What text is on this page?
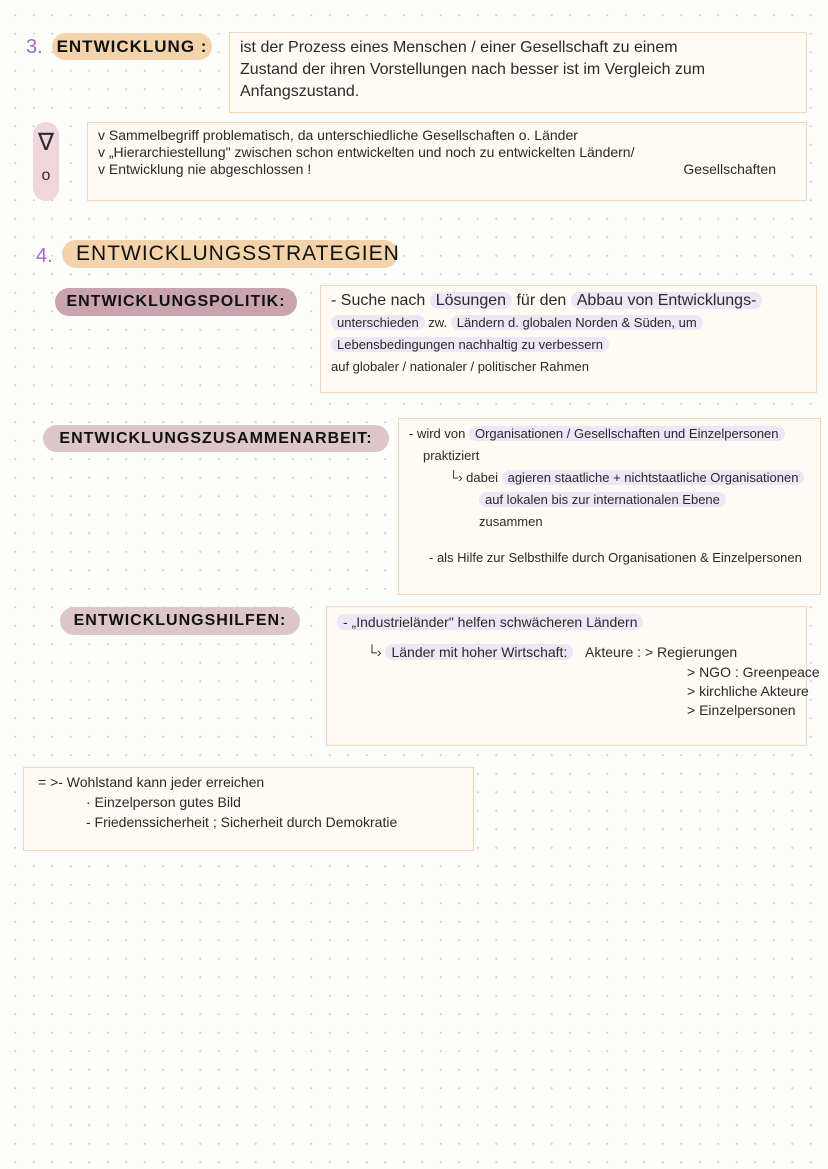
3. ENTWICKLUNG : ist der Prozess eines Menschen / einer Gesellschaft zu einem
Zustand der ihren Vorstellungen nach besser ist im Vergleich zum
Anfangszustand.
∇
o
v Sammelbegriff problematisch, da unterschiedliche Gesellschaften o. Länder
v „Hierarchiestellung" zwischen schon entwickelten und noch zu entwickelten Ländern/
v Entwicklung nie abgeschlossen !	Gesellschaften
4.	ENTWICKLUNGSSTRATEGIEN
ENTWICKLUNGSPOLITIK:	- Suche nach Lösungen für den Abbau von Entwicklungs-
unterschieden zw. Ländern d. globalen Norden & Süden, um
Lebensbedingungen nachhaltig zu verbessern
auf globaler / nationaler / politischer Rahmen
ENTWICKLUNGSZUSAMMENARBEIT:	- wird von Organisationen / Gesellschaften und Einzelpersonen
praktiziert
└› dabei agieren staatliche + nichtstaatliche Organisationen
auf lokalen bis zur internationalen Ebene
zusammen
- als Hilfe zur Selbsthilfe durch Organisationen & Einzelpersonen
ENTWICKLUNGSHILFEN:	- „Industrieländer" helfen schwächeren Ländern
└› Länder mit hoher Wirtschaft: Akteure : > Regierungen
> NGO : Greenpeace
> kirchliche Akteure
> Einzelpersonen
= >- Wohlstand kann jeder erreichen
· Einzelperson gutes Bild
- Friedenssicherheit ; Sicherheit durch Demokratie
